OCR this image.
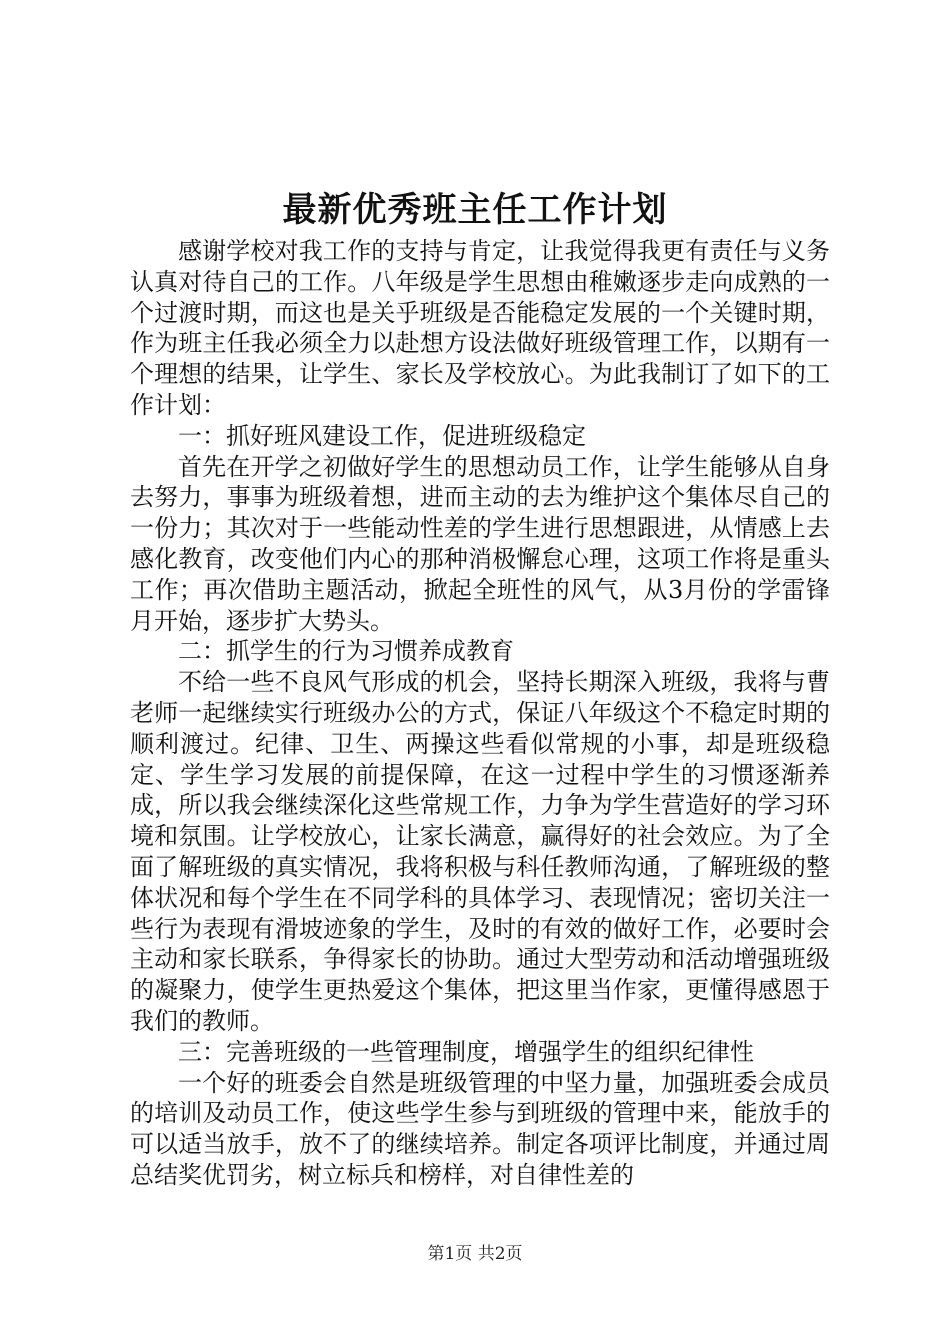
最新优秀班主任工作计划

感谢学校对我工作的支持与肯定，让我觉得我更有责任与义务认真对待自己的工作。八年级是学生思想由稚嫩逐步走向成熟的一个过渡时期，而这也是关乎班级是否能稳定发展的一个关键时期，作为班主任我必须全力以赴想方设法做好班级管理工作，以期有一个理想的结果，让学生、家长及学校放心。为此我制订了如下的工作计划：

一：抓好班风建设工作，促进班级稳定

首先在开学之初做好学生的思想动员工作，让学生能够从自身去努力，事事为班级着想，进而主动的去为维护这个集体尽自己的一份力；其次对于一些能动性差的学生进行思想跟进，从情感上去感化教育，改变他们内心的那种消极懈怠心理，这项工作将是重头工作；再次借助主题活动，掀起全班性的风气，从3月份的学雷锋月开始，逐步扩大势头。

二：抓学生的行为习惯养成教育

不给一些不良风气形成的机会，坚持长期深入班级，我将与曹老师一起继续实行班级办公的方式，保证八年级这个不稳定时期的顺利渡过。纪律、卫生、两操这些看似常规的小事，却是班级稳定、学生学习发展的前提保障，在这一过程中学生的习惯逐渐养成，所以我会继续深化这些常规工作，力争为学生营造好的学习环境和氛围。让学校放心，让家长满意，赢得好的社会效应。为了全面了解班级的真实情况，我将积极与科任教师沟通，了解班级的整体状况和每个学生在不同学科的具体学习、表现情况；密切关注一些行为表现有滑坡迹象的学生，及时的有效的做好工作，必要时会主动和家长联系，争得家长的协助。通过大型劳动和活动增强班级的凝聚力，使学生更热爱这个集体，把这里当作家，更懂得感恩于我们的教师。

三：完善班级的一些管理制度，增强学生的组织纪律性

一个好的班委会自然是班级管理的中坚力量，加强班委会成员的培训及动员工作，使这些学生参与到班级的管理中来，能放手的可以适当放手，放不了的继续培养。制定各项评比制度，并通过周总结奖优罚劣，树立标兵和榜样，对自律性差的

第1页 共2页
